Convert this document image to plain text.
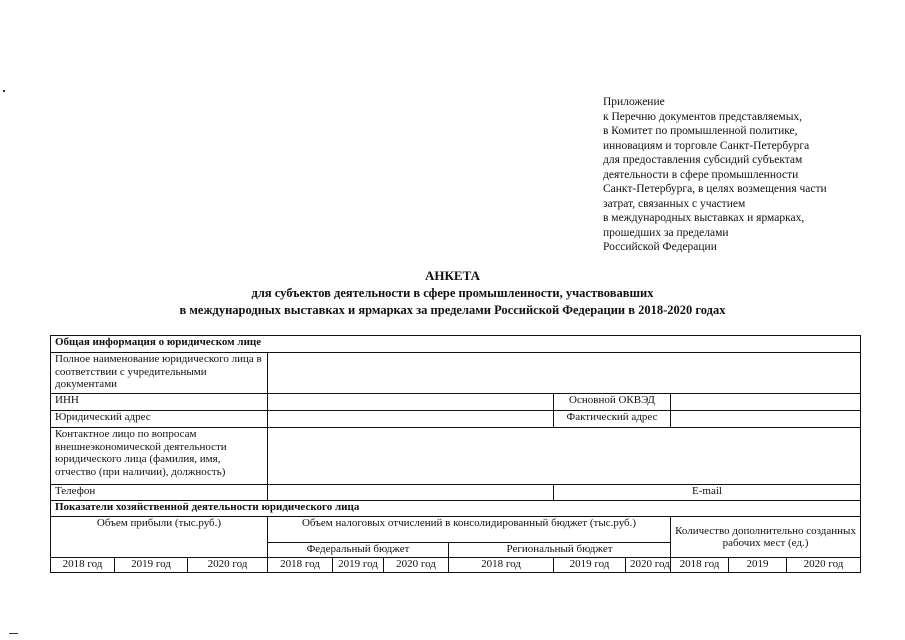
Приложение
к Перечню документов представляемых,
в Комитет по промышленной политике,
инновациям и торговле Санкт-Петербурга
для предоставления субсидий субъектам
деятельности в сфере промышленности
Санкт-Петербурга, в целях возмещения части
затрат, связанных с участием
в международных выставках и ярмарках,
прошедших за пределами
Российской Федерации
АНКЕТА
для субъектов деятельности в сфере промышленности, участвовавших
в международных выставках и ярмарках за пределами Российской Федерации в 2018-2020 годах
Общая информация о юридическом лице											
Полное наименование юридического лица в соответствии с учредительными документами											
ИНН							Основной ОКВЭД				
Юридический адрес							Фактический адрес				
Контактное лицо по вопросам внешнеэкономической деятельности юридического лица (фамилия, имя, отчество (при наличии), должность)											
Телефон							E-mail				
Показатели хозяйственной деятельности юридического лица											
Объем прибыли (тыс.руб.)			Объем налоговых отчислений в консолидированный бюджет (тыс.руб.)						Количество дополнительно созданных рабочих мест (ед.)		
			Федеральный бюджет			Региональный бюджет					
2018 год	2019 год	2020 год	2018 год	2019 год	2020 год	2018 год	2019 год	2020 год	2018 год	2019	2020 год
